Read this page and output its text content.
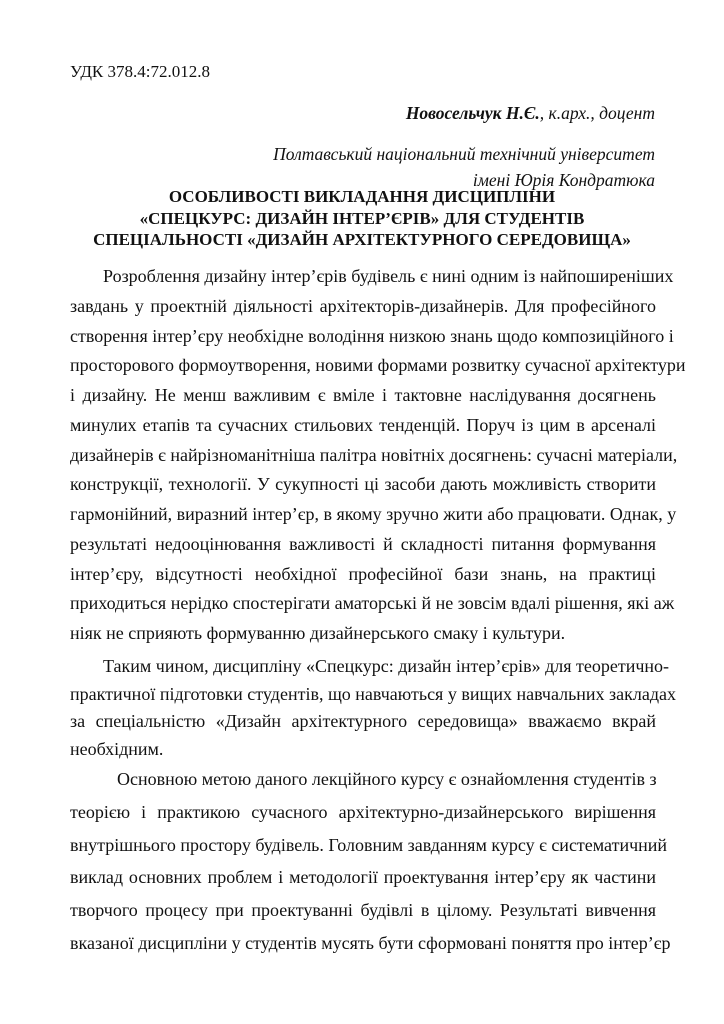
УДК 378.4:72.012.8
Новосельчук Н.Є., к.арх., доцент
Полтавський національний технічний університет
імені Юрія Кондратюка
ОСОБЛИВОСТІ ВИКЛАДАННЯ ДИСЦИПЛІНИ
«СПЕЦКУРС: ДИЗАЙН ІНТЕР’ЄРІВ» ДЛЯ СТУДЕНТІВ
СПЕЦІАЛЬНОСТІ «ДИЗАЙН АРХІТЕКТУРНОГО СЕРЕДОВИЩА»
Розроблення дизайну інтер’єрів будівель є нині одним із найпоширеніших
завдань у проектній діяльності архітекторів-дизайнерів. Для професійного
створення інтер’єру необхідне володіння низкою знань щодо композиційного і
просторового формоутворення, новими формами розвитку сучасної архітектури
і дизайну. Не менш важливим є вміле і тактовне наслідування досягнень
минулих етапів та сучасних стильових тенденцій. Поруч із цим в арсеналі
дизайнерів є найрізноманітніша палітра новітніх досягнень: сучасні матеріали,
конструкції, технології. У сукупності ці засоби дають можливість створити
гармонійний, виразний інтер’єр, в якому зручно жити або працювати. Однак, у
результаті недооцінювання важливості й складності питання формування
інтер’єру, відсутності необхідної професійної бази знань, на практиці
приходиться нерідко спостерігати аматорські й не зовсім вдалі рішення, які аж
ніяк не сприяють формуванню дизайнерського смаку і культури.
Таким чином, дисципліну «Спецкурс: дизайн інтер’єрів» для теоретично-
практичної підготовки студентів, що навчаються у вищих навчальних закладах
за спеціальністю «Дизайн архітектурного середовища» вважаємо вкрай
необхідним.
Основною метою даного лекційного курсу є ознайомлення студентів з
теорією і практикою сучасного архітектурно-дизайнерського вирішення
внутрішнього простору будівель. Головним завданням курсу є систематичний
виклад основних проблем і методології проектування інтер’єру як частини
творчого процесу при проектуванні будівлі в цілому. Результаті вивчення
вказаної дисципліни у студентів мусять бути сформовані поняття про інтер’єр
